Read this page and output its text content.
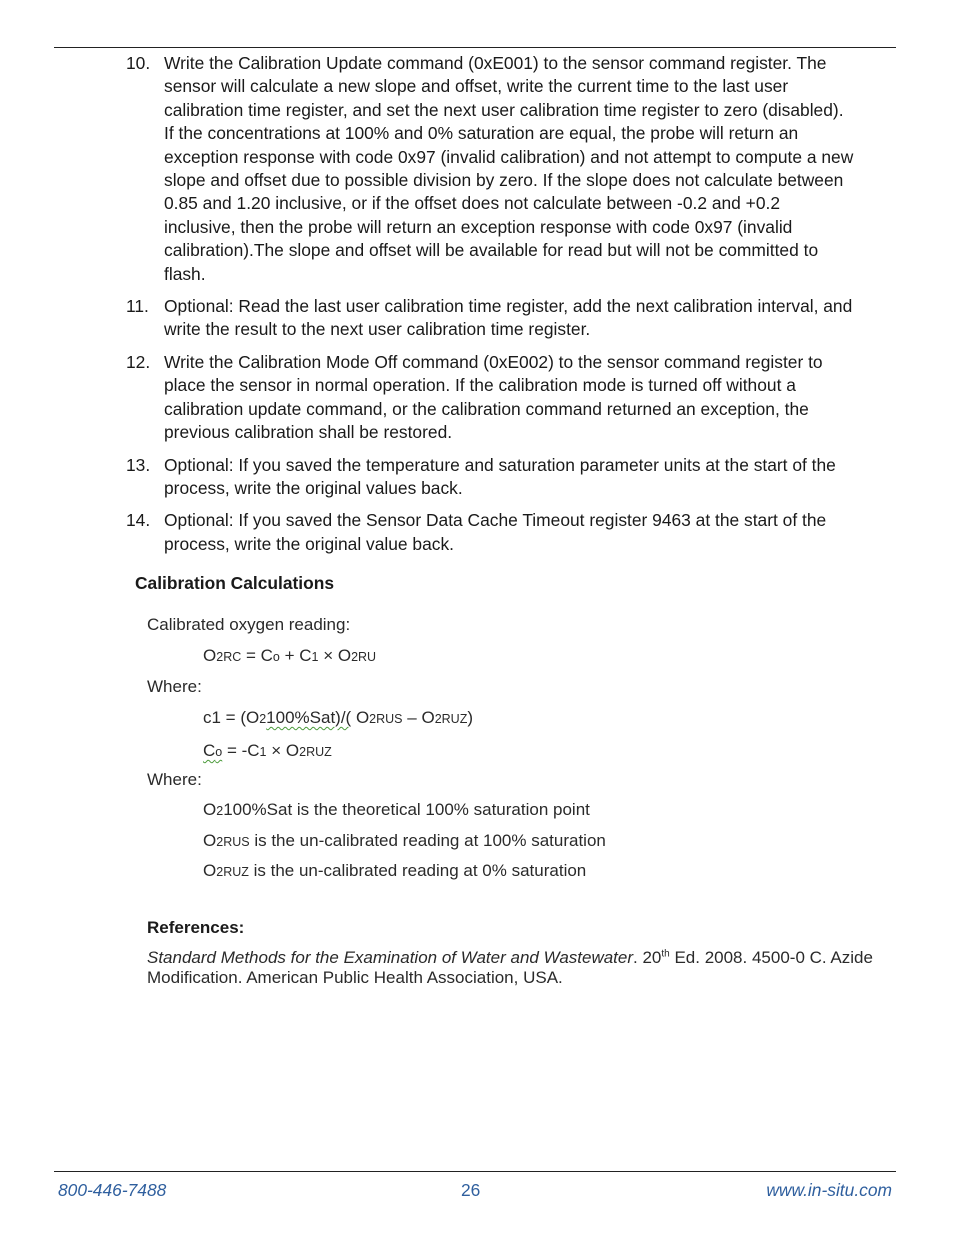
10. Write the Calibration Update command (0xE001) to the sensor command register. The sensor will calculate a new slope and offset, write the current time to the last user calibration time register, and set the next user calibration time register to zero (disabled). If the concentrations at 100% and 0% saturation are equal, the probe will return an exception response with code 0x97 (invalid calibration) and not attempt to compute a new slope and offset due to possible division by zero. If the slope does not calculate between 0.85 and 1.20 inclusive, or if the offset does not calculate between -0.2 and +0.2 inclusive, then the probe will return an exception response with code 0x97 (invalid calibration).The slope and offset will be available for read but will not be committed to flash.
11. Optional: Read the last user calibration time register, add the next calibration interval, and write the result to the next user calibration time register.
12. Write the Calibration Mode Off command (0xE002) to the sensor command register to place the sensor in normal operation. If the calibration mode is turned off without a calibration update command, or the calibration command returned an exception, the previous calibration shall be restored.
13. Optional: If you saved the temperature and saturation parameter units at the start of the process, write the original values back.
14. Optional: If you saved the Sensor Data Cache Timeout register 9463 at the start of the process, write the original value back.
Calibration Calculations
Calibrated oxygen reading:
O2RC = Co + C1 × O2RU
Where:
c1 = (O2100%Sat)/( O2RUS – O2RUZ)
Co = -C1 × O2RUZ
Where:
O2100%Sat is the theoretical 100% saturation point
O2RUS is the un-calibrated reading at 100% saturation
O2RUZ is the un-calibrated reading at 0% saturation
References:
Standard Methods for the Examination of Water and Wastewater. 20th Ed. 2008. 4500-0 C. Azide Modification. American Public Health Association, USA.
800-446-7488	26	www.in-situ.com
